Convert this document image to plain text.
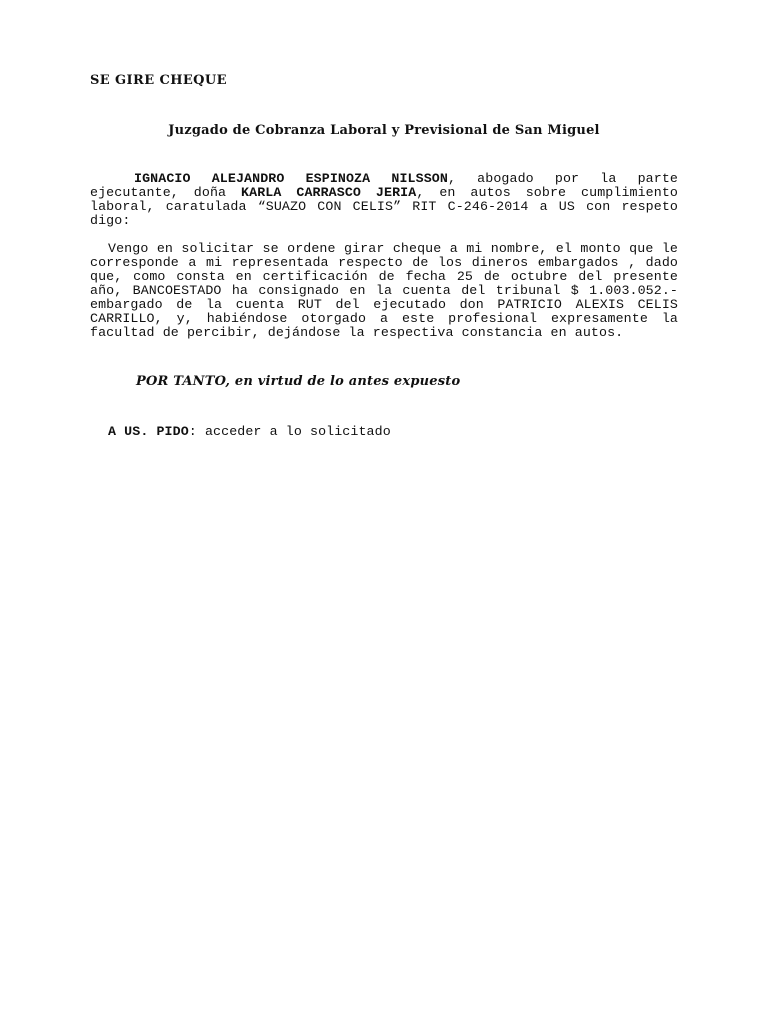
SE GIRE CHEQUE
Juzgado de Cobranza Laboral y Previsional de San Miguel

IGNACIO ALEJANDRO ESPINOZA NILSSON, abogado por la parte ejecutante, doña KARLA CARRASCO JERIA, en autos sobre cumplimiento laboral, caratulada “SUAZO CON CELIS” RIT C-246-2014 a US con respeto digo:

Vengo en solicitar se ordene girar cheque a mi nombre, el monto que le corresponde a mi representada respecto de los dineros embargados , dado que, como consta en certificación de fecha 25 de octubre del presente año, BANCOESTADO ha consignado en la cuenta del tribunal $ 1.003.052.- embargado de la cuenta RUT del ejecutado don PATRICIO ALEXIS CELIS CARRILLO, y, habiéndose otorgado a este profesional expresamente la facultad de percibir, dejándose la respectiva constancia en autos.

POR TANTO, en virtud de lo antes expuesto
A US. PIDO: acceder a lo solicitado
